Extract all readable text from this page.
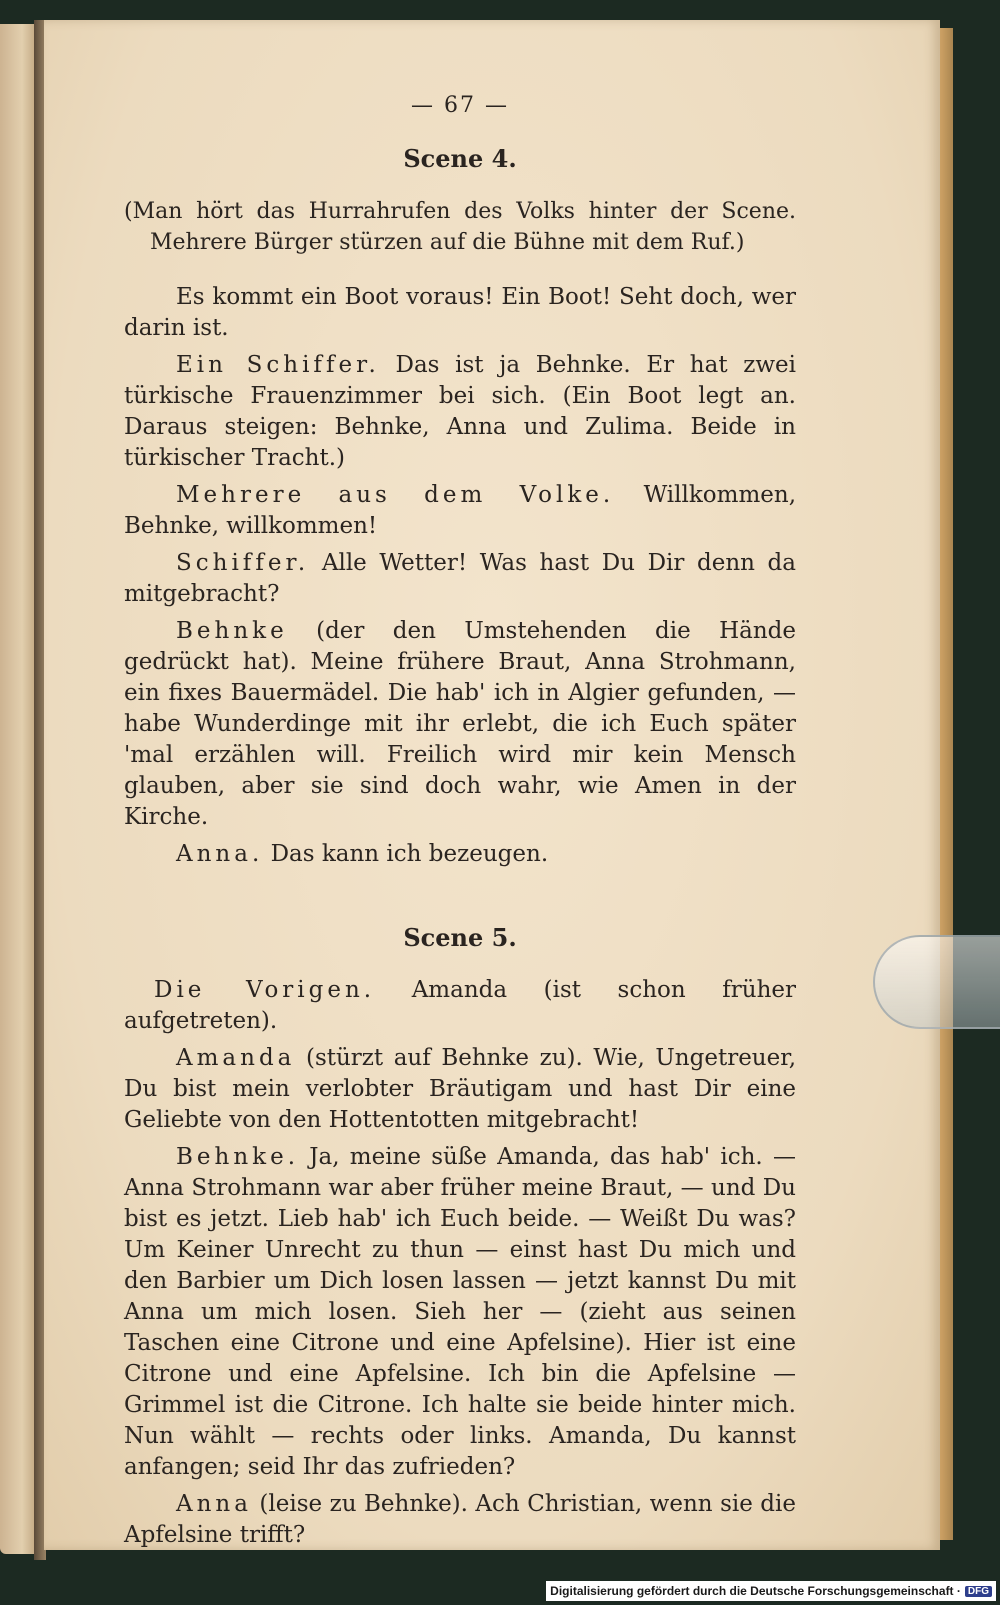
— 67 —
Scene 4.
(Man hört das Hurrahrufen des Volks hinter der Scene. Mehrere Bürger stürzen auf die Bühne mit dem Ruf.)

Es kommt ein Boot voraus! Ein Boot! Seht doch, wer darin ist.

Ein Schiffer. Das ist ja Behnke. Er hat zwei türkische Frauenzimmer bei sich. (Ein Boot legt an. Daraus steigen: Behnke, Anna und Zulima. Beide in türkischer Tracht.)

Mehrere aus dem Volke. Willkommen, Behnke, willkommen!

Schiffer. Alle Wetter! Was hast Du Dir denn da mitgebracht?

Behnke (der den Umstehenden die Hände gedrückt hat). Meine frühere Braut, Anna Strohmann, ein fixes Bauermädel. Die hab' ich in Algier gefunden, — habe Wunderdinge mit ihr erlebt, die ich Euch später 'mal erzählen will. Freilich wird mir kein Mensch glauben, aber sie sind doch wahr, wie Amen in der Kirche.

Anna. Das kann ich bezeugen.

Scene 5.

Die Vorigen. Amanda (ist schon früher aufgetreten).

Amanda (stürzt auf Behnke zu). Wie, Ungetreuer, Du bist mein verlobter Bräutigam und hast Dir eine Geliebte von den Hottentotten mitgebracht!

Behnke. Ja, meine süße Amanda, das hab' ich. — Anna Strohmann war aber früher meine Braut, — und Du bist es jetzt. Lieb hab' ich Euch beide. — Weißt Du was? Um Keiner Unrecht zu thun — einst hast Du mich und den Barbier um Dich losen lassen — jetzt kannst Du mit Anna um mich losen. Sieh her — (zieht aus seinen Taschen eine Citrone und eine Apfelsine). Hier ist eine Citrone und eine Apfelsine. Ich bin die Apfelsine — Grimmel ist die Citrone. Ich halte sie beide hinter mich. Nun wählt — rechts oder links. Amanda, Du kannst anfangen; seid Ihr das zufrieden?

Anna (leise zu Behnke). Ach Christian, wenn sie die Apfelsine trifft?

Digitalisierung gefördert durch die Deutsche Forschungsgemeinschaft · DFG
